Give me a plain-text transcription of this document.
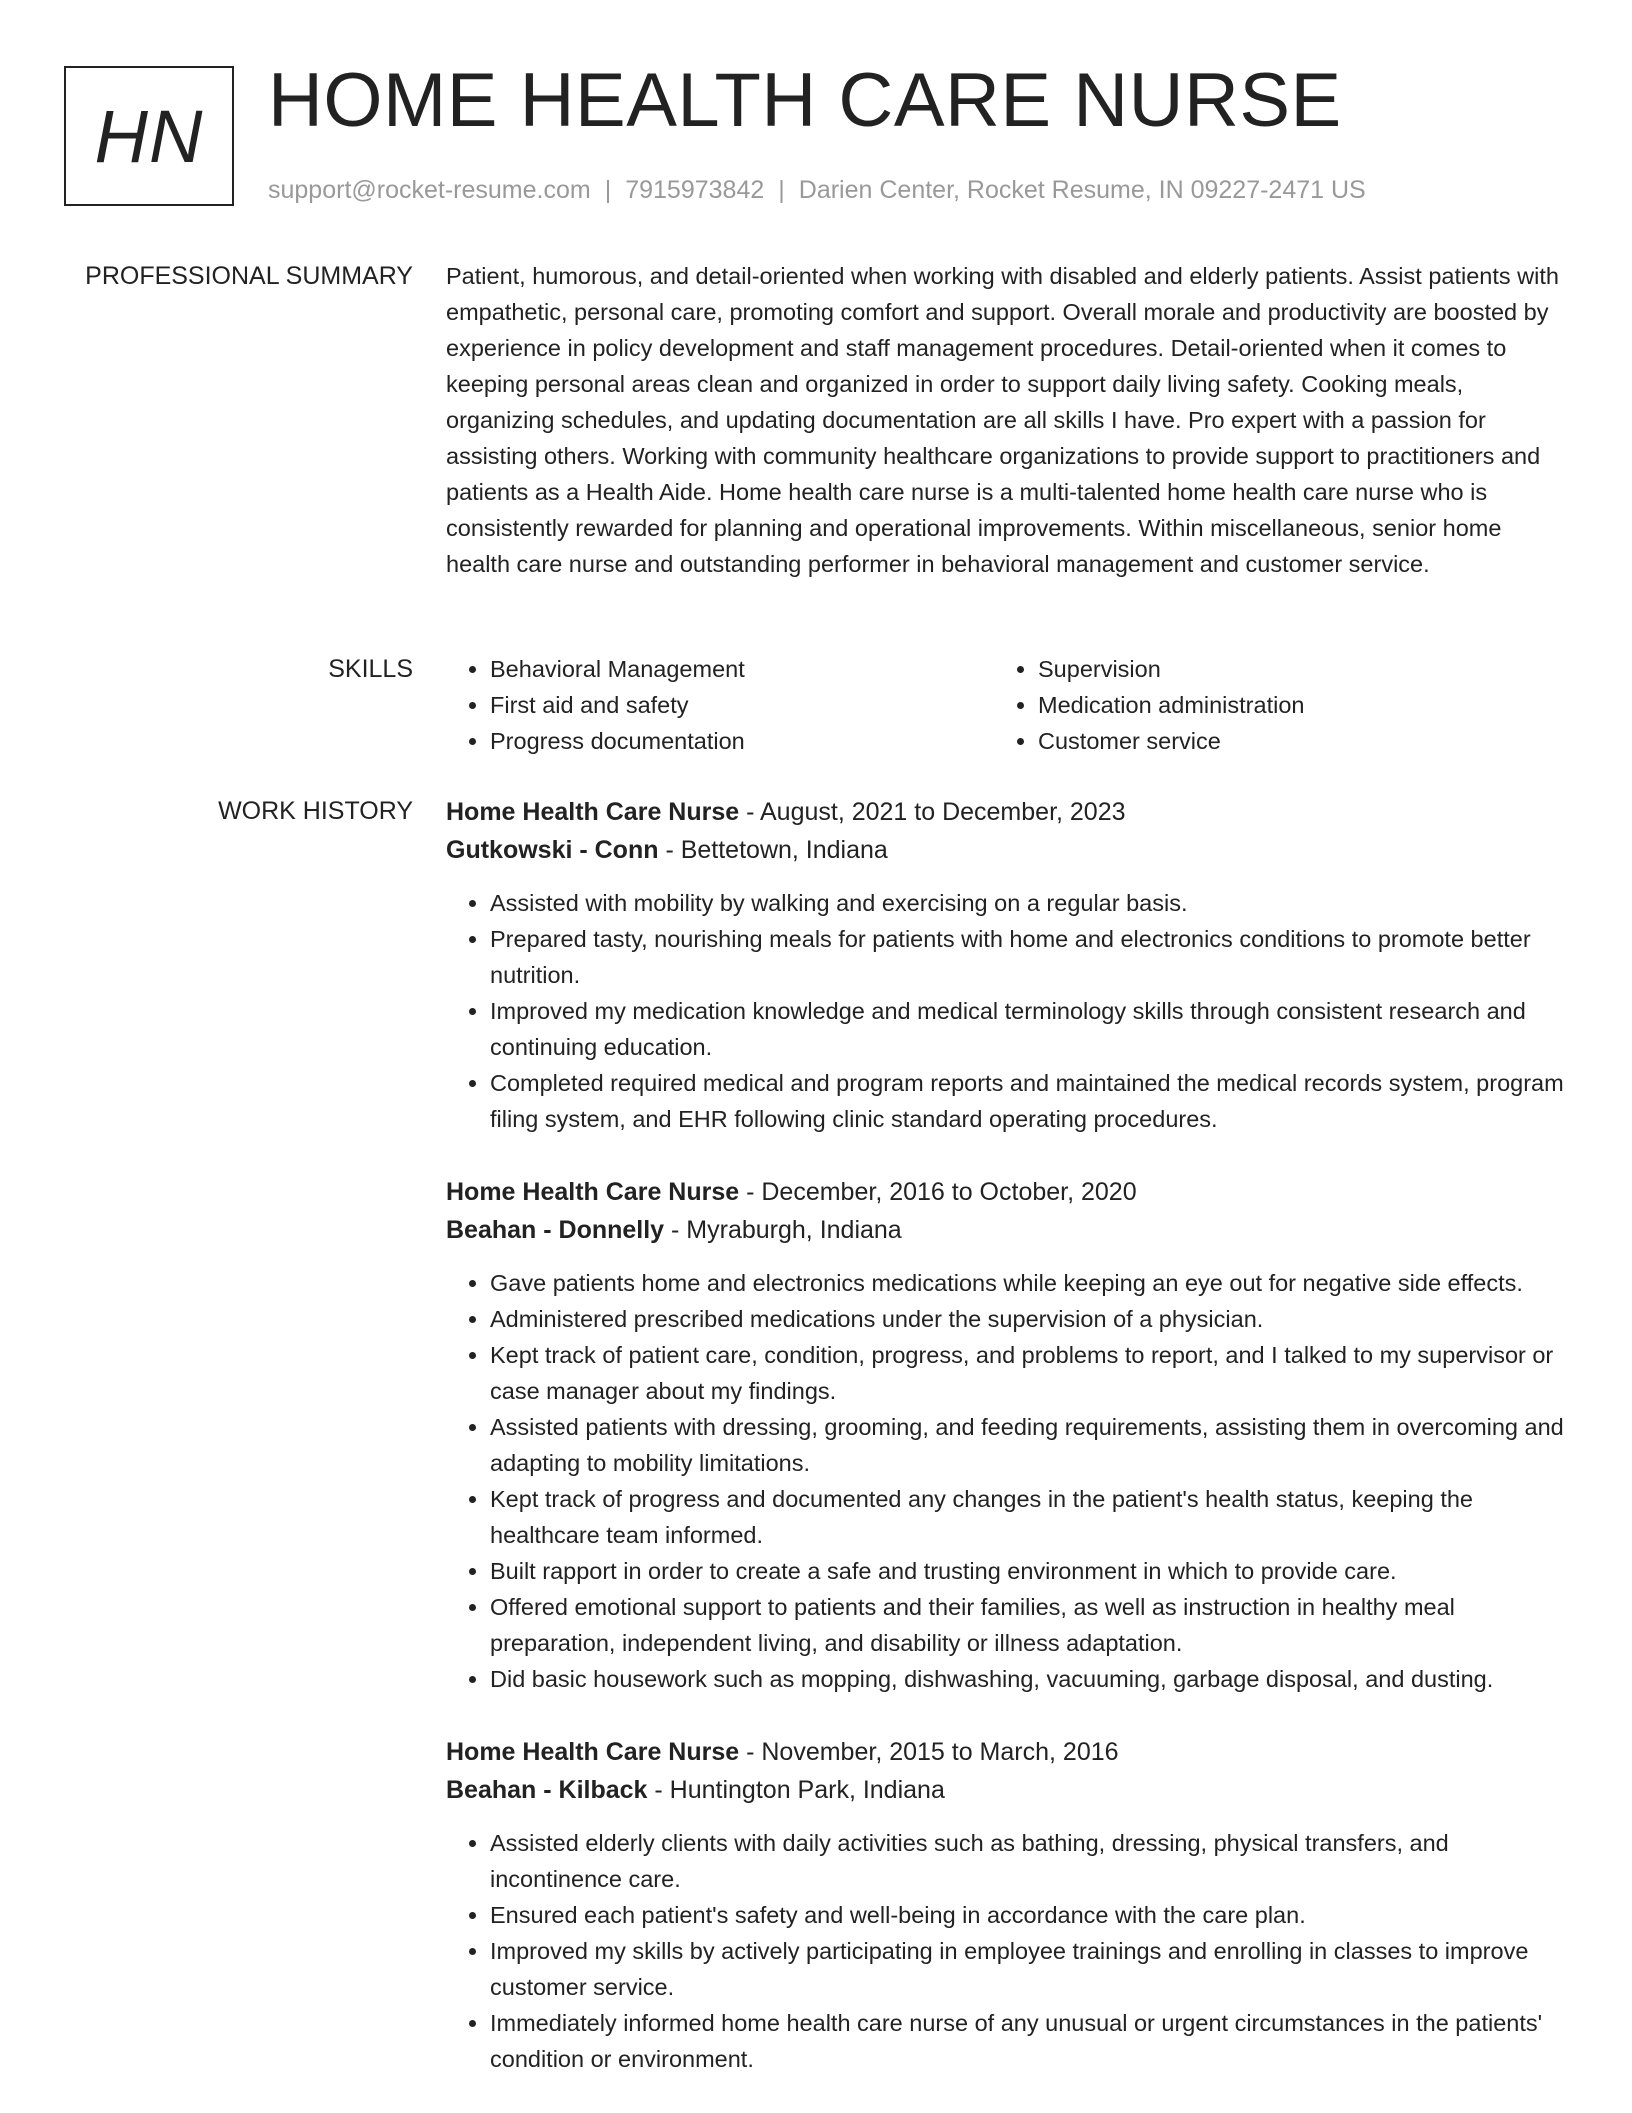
HN HOME HEALTH CARE NURSE
support@rocket-resume.com | 7915973842 | Darien Center, Rocket Resume, IN 09227-2471 US
PROFESSIONAL SUMMARY Patient, humorous, and detail-oriented when working with disabled and elderly patients. Assist patients with empathetic, personal care, promoting comfort and support. Overall morale and productivity are boosted by experience in policy development and staff management procedures. Detail-oriented when it comes to keeping personal areas clean and organized in order to support daily living safety. Cooking meals, organizing schedules, and updating documentation are all skills I have. Pro expert with a passion for assisting others. Working with community healthcare organizations to provide support to practitioners and patients as a Health Aide. Home health care nurse is a multi-talented home health care nurse who is consistently rewarded for planning and operational improvements. Within miscellaneous, senior home health care nurse and outstanding performer in behavioral management and customer service.

SKILLS
•	Behavioral Management
• First aid and safety
• Progress documentation
• Supervision
• Medication administration
• Customer service
WORK HISTORY Home Health Care Nurse - August, 2021 to December, 2023
Gutkowski - Conn - Bettetown, Indiana
• Assisted with mobility by walking and exercising on a regular basis.
• Prepared tasty, nourishing meals for patients with home and electronics conditions to promote better nutrition.
• Improved my medication knowledge and medical terminology skills through consistent research and continuing education.
• Completed required medical and program reports and maintained the medical records system, program filing system, and EHR following clinic standard operating procedures.
Home Health Care Nurse - December, 2016 to October, 2020
Beahan - Donnelly - Myraburgh, Indiana
• Gave patients home and electronics medications while keeping an eye out for negative side effects.
• Administered prescribed medications under the supervision of a physician.
• Kept track of patient care, condition, progress, and problems to report, and I talked to my supervisor or case manager about my findings.
• Assisted patients with dressing, grooming, and feeding requirements, assisting them in overcoming and adapting to mobility limitations.
• Kept track of progress and documented any changes in the patient's health status, keeping the healthcare team informed.
• Built rapport in order to create a safe and trusting environment in which to provide care.
• Offered emotional support to patients and their families, as well as instruction in healthy meal preparation, independent living, and disability or illness adaptation.
• Did basic housework such as mopping, dishwashing, vacuuming, garbage disposal, and dusting.
Home Health Care Nurse - November, 2015 to March, 2016
Beahan - Kilback - Huntington Park, Indiana
• Assisted elderly clients with daily activities such as bathing, dressing, physical transfers, and incontinence care.
• Ensured each patient's safety and well-being in accordance with the care plan.
• Improved my skills by actively participating in employee trainings and enrolling in classes to improve customer service.
• Immediately informed home health care nurse of any unusual or urgent circumstances in the patients' condition or environment.
